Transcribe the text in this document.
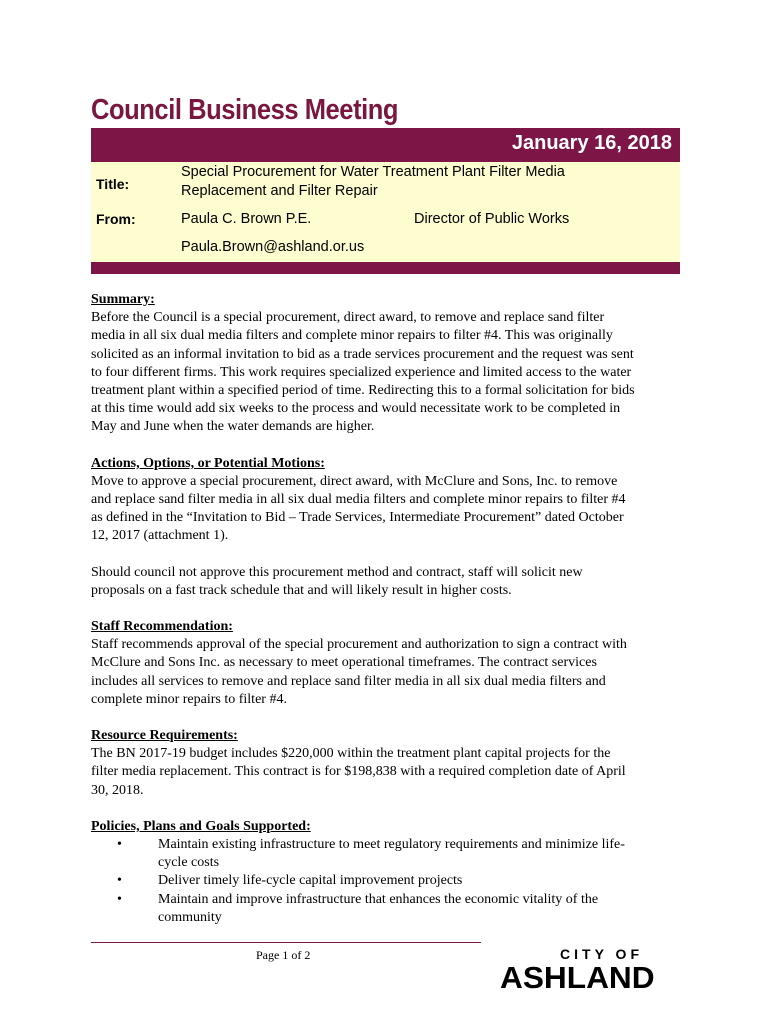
Council Business Meeting
January 16, 2018
Title:
Special Procurement for Water Treatment Plant Filter Media
Replacement and Filter Repair
From:	Paula C. Brown P.E.	Director of Public Works
Paula.Brown@ashland.or.us

Summary:

Before the Council is a special procurement, direct award, to remove and replace sand filter

media in all six dual media filters and complete minor repairs to filter #4. This was originally

solicited as an informal invitation to bid as a trade services procurement and the request was sent

to four different firms. This work requires specialized experience and limited access to the water

treatment plant within a specified period of time. Redirecting this to a formal solicitation for bids

at this time would add six weeks to the process and would necessitate work to be completed in

May and June when the water demands are higher.

Actions, Options, or Potential Motions:

Move to approve a special procurement, direct award, with McClure and Sons, Inc. to remove

and replace sand filter media in all six dual media filters and complete minor repairs to filter #4

as defined in the “Invitation to Bid – Trade Services, Intermediate Procurement” dated October

12, 2017 (attachment 1).

Should council not approve this procurement method and contract, staff will solicit new

proposals on a fast track schedule that and will likely result in higher costs.

Staff Recommendation:

Staff recommends approval of the special procurement and authorization to sign a contract with

McClure and Sons Inc. as necessary to meet operational timeframes. The contract services

includes all services to remove and replace sand filter media in all six dual media filters and

complete minor repairs to filter #4.

Resource Requirements:

The BN 2017-19 budget includes $220,000 within the treatment plant capital projects for the

filter media replacement. This contract is for $198,838 with a required completion date of April

30, 2018.

Policies, Plans and Goals Supported:

•	Maintain existing infrastructure to meet regulatory requirements and minimize life-
cycle costs
•	Deliver timely life-cycle capital improvement projects
•	Maintain and improve infrastructure that enhances the economic vitality of the
community
Page 1 of 2	CITY OF
ASHLAND
